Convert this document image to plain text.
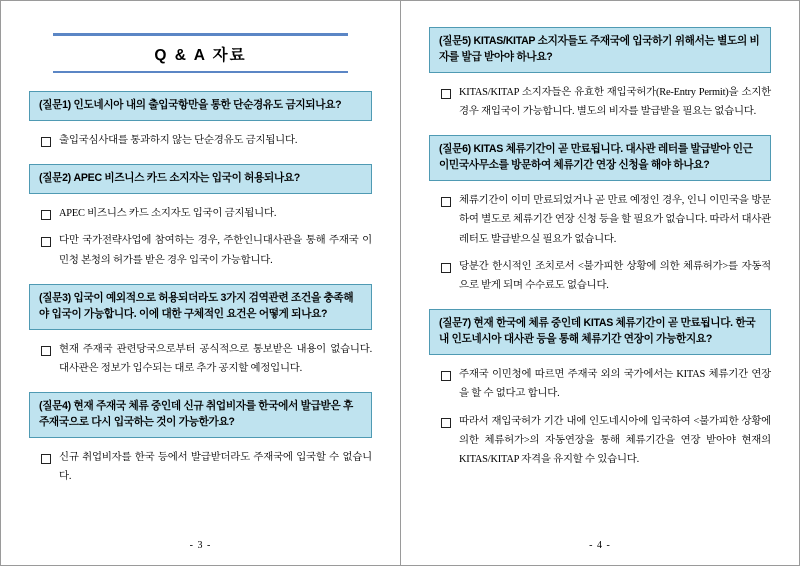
Q & A 자료
(질문1) 인도네시아 내의 출입국항만을 통한 단순경유도 금지되나요?
출입국심사대를 통과하지 않는 단순경유도 금지됩니다.
(질문2) APEC 비즈니스 카드 소지자는 입국이 허용되나요?
APEC 비즈니스 카드 소지자도 입국이 금지됩니다.
다만 국가전략사업에 참여하는 경우, 주한인니대사관을 통해 주재국 이민청 본청의 허가를 받은 경우 입국이 가능합니다.
(질문3) 입국이 예외적으로 허용되더라도 3가지 검역관련 조건을 충족해야 입국이 가능합니다. 이에 대한 구체적인 요건은 어떻게 되나요?
현재 주재국 관련당국으로부터 공식적으로 통보받은 내용이 없습니다. 대사관은 정보가 입수되는 대로 추가 공지할 예정입니다.
(질문4) 현재 주재국 체류 중인데 신규 취업비자를 한국에서 발급받은 후 주재국으로 다시 입국하는 것이 가능한가요?
신규 취업비자를 한국 등에서 발급받더라도 주재국에 입국할 수 없습니다.
- 3 -
(질문5) KITAS/KITAP 소지자들도 주재국에 입국하기 위해서는 별도의 비자를 발급 받아야 하나요?
KITAS/KITAP 소지자들은 유효한 재입국허가(Re-Entry Permit)을 소지한 경우 재입국이 가능합니다. 별도의 비자를 발급받을 필요는 없습니다.
(질문6) KITAS 체류기간이 곧 만료됩니다. 대사관 레터를 발급받아 인근 이민국사무소를 방문하여 체류기간 연장 신청을 해야 하나요?
체류기간이 이미 만료되었거나 곧 만료 예정인 경우, 인니 이민국을 방문하여 별도로 체류기간 연장 신청 등을 할 필요가 없습니다. 따라서 대사관 레터도 발급받으실 필요가 없습니다.
당분간 한시적인 조치로서 <불가피한 상황에 의한 체류허가>를 자동적으로 받게 되며 수수료도 없습니다.
(질문7) 현재 한국에 체류 중인데 KITAS 체류기간이 곧 만료됩니다. 한국 내 인도네시아 대사관 등을 통해 체류기간 연장이 가능한지요?
주재국 이민청에 따르면 주재국 외의 국가에서는 KITAS 체류기간 연장을 할 수 없다고 합니다.
따라서 재입국허가 기간 내에 인도네시아에 입국하여 <불가피한 상황에 의한 체류허가>의 자동연장을 통해 체류기간을 연장 받아야 현재의 KITAS/KITAP 자격을 유지할 수 있습니다.
- 4 -
